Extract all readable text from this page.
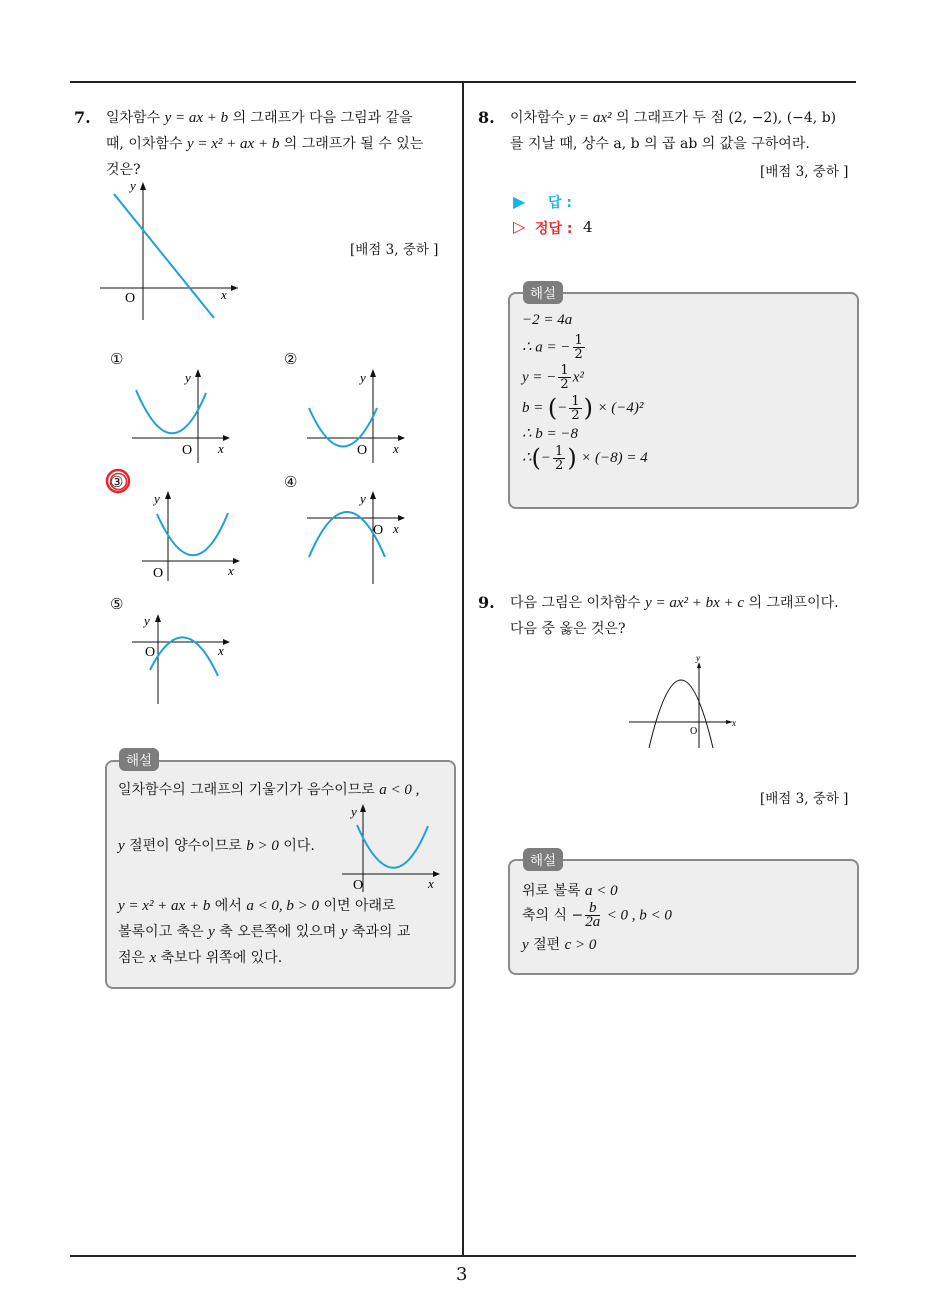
3
7. 일차함수 y = ax + b 의 그래프가 다음 그림과 같을
때, 이차함수 y = x² + ax + b 의 그래프가 될 수 있는
것은?
[배점 3, 중하 ]
y
x
O
①	②
③	④
⑤
y
x
O
y
x
O
y
x
O
y
x
O
y
x
O
해설
일차함수의 그래프의 기울기가 음수이므로 a < 0 ,
y 절편이 양수이므로 b > 0 이다.
y
x
O
y = x² + ax + b 에서 a < 0, b > 0 이면 아래로
볼록이고 축은 y 축 오른쪽에 있으며 y 축과의 교
점은 x 축보다 위쪽에 있다.
8. 이차함수 y = ax² 의 그래프가 두 점 (2, −2), (−4, b)
를 지날 때, 상수 a, b 의 곱 ab 의 값을 구하여라.
[배점 3, 중하 ]
▶ 답 :
▷ 정답 : 4
해설
−2 = 4a
∴ a = − $\frac{1}{2}$
y = − $\frac{1}{2} x^2$
b = (− $\frac{1}{2}$ ) × (−4)²
∴ b = −8
∴(− $\frac{1}{2}$ ) × (−8) = 4
9. 다음 그림은 이차함수 y = ax² + bx + c 의 그래프이다.
다음 중 옳은 것은?
y
x
O
[배점 3, 중하 ]
해설
위로 볼록 a < 0
축의 식 − $\frac{b}{2a} < 0$ , b < 0
y 절편 c > 0
